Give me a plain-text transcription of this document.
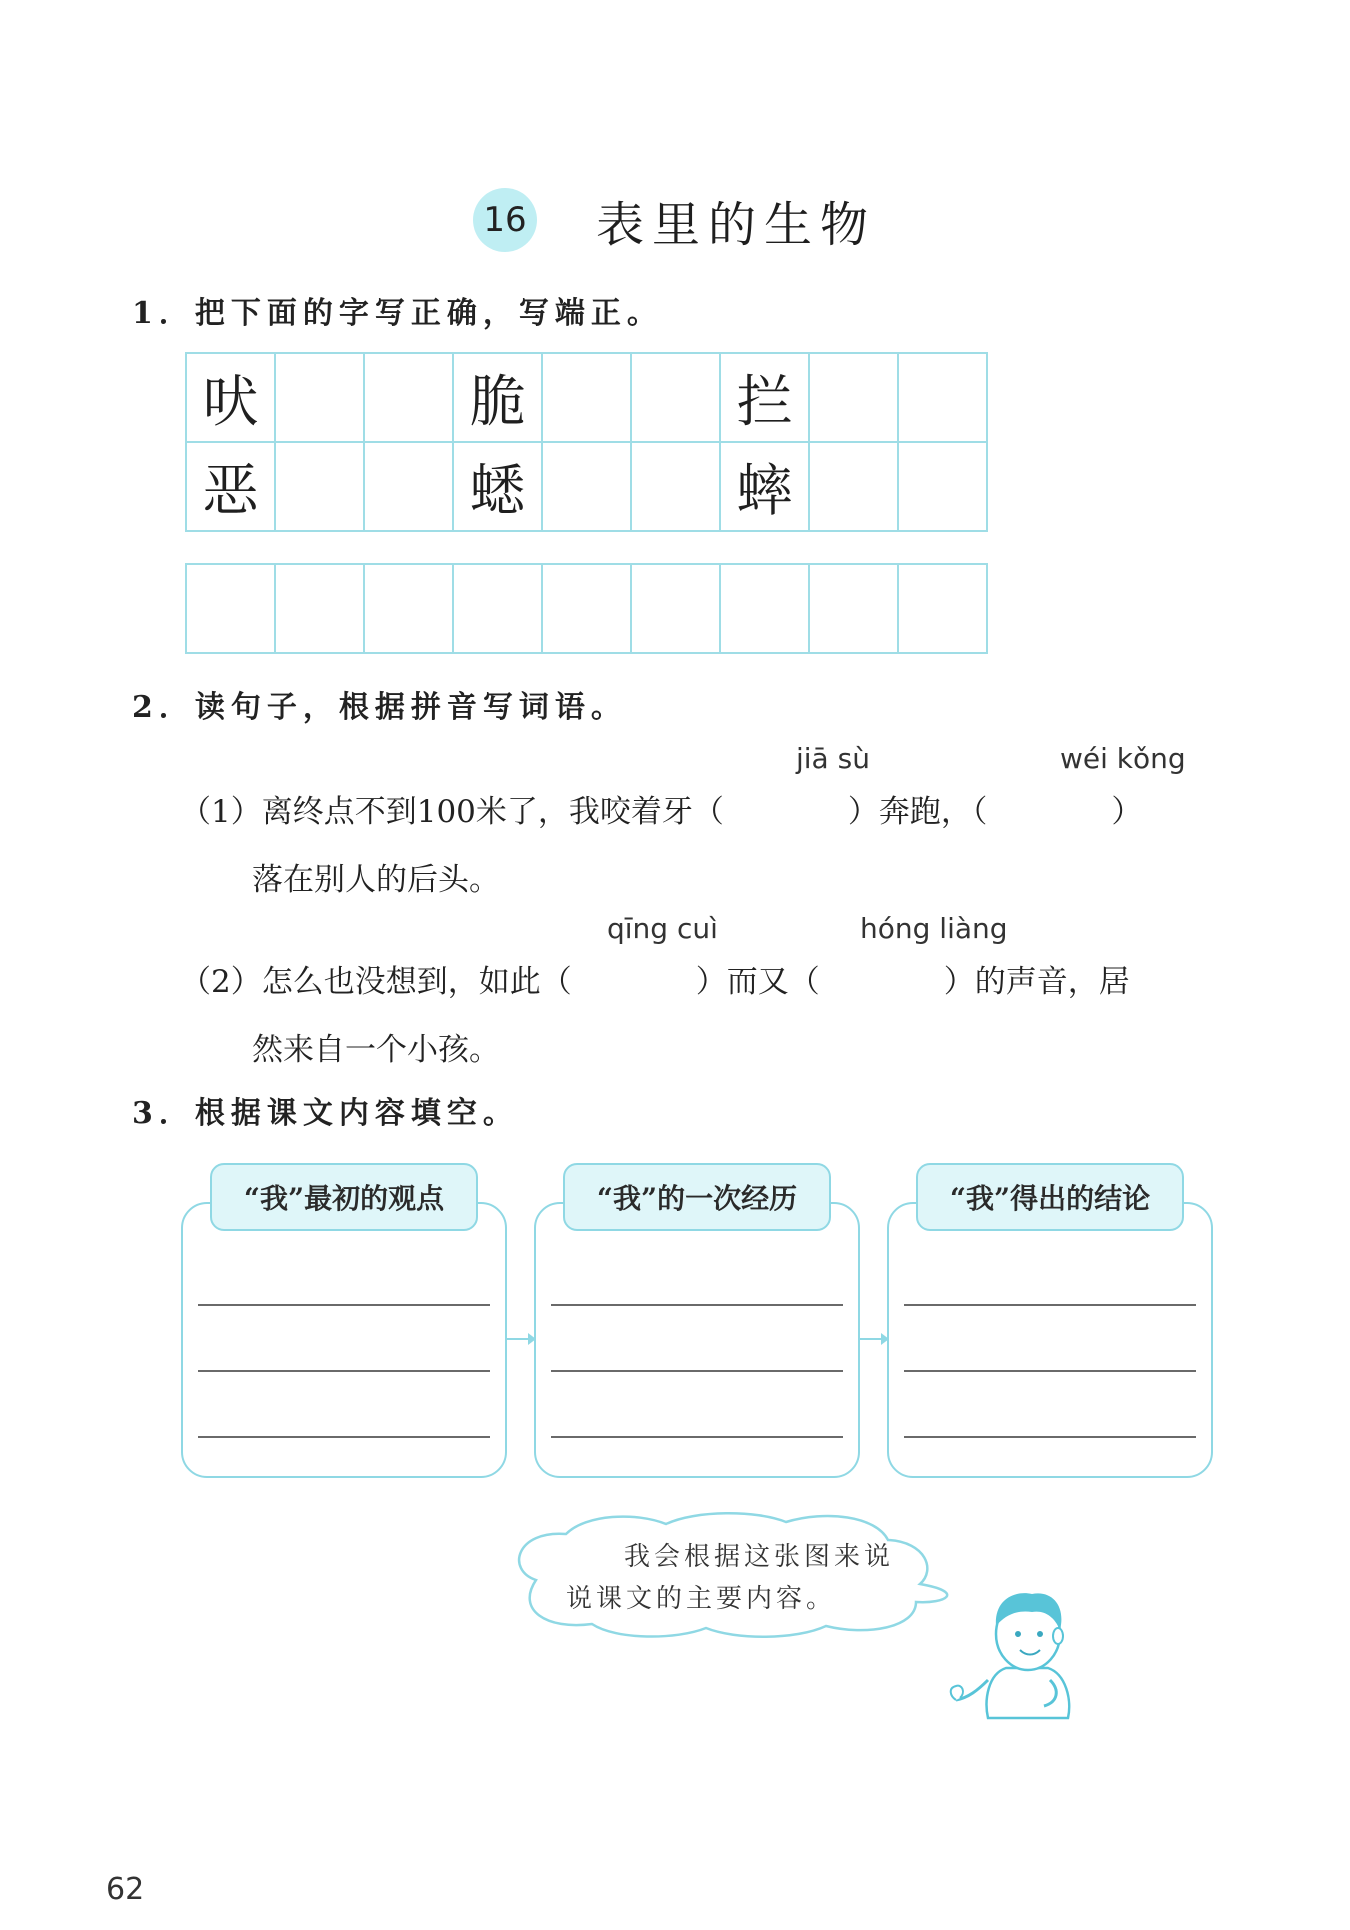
16 表里的生物
1．把下面的字写正确，写端正。
吠			脆			拦		
恶			蟋			蟀		

2．读句子，根据拼音写词语。
jiā sù	wéi kǒng
（1）离终点不到100米了，我咬着牙（　　　　）奔跑，（　　　　）
落在别人的后头。
qīng cuì	hóng liàng
（2）怎么也没想到，如此（　　　　）而又（　　　　）的声音，居
然来自一个小孩。
3．根据课文内容填空。
“我”最初的观点	“我”的一次经历	“我”得出的结论
我会根据这张图来说
说课文的主要内容。
62
